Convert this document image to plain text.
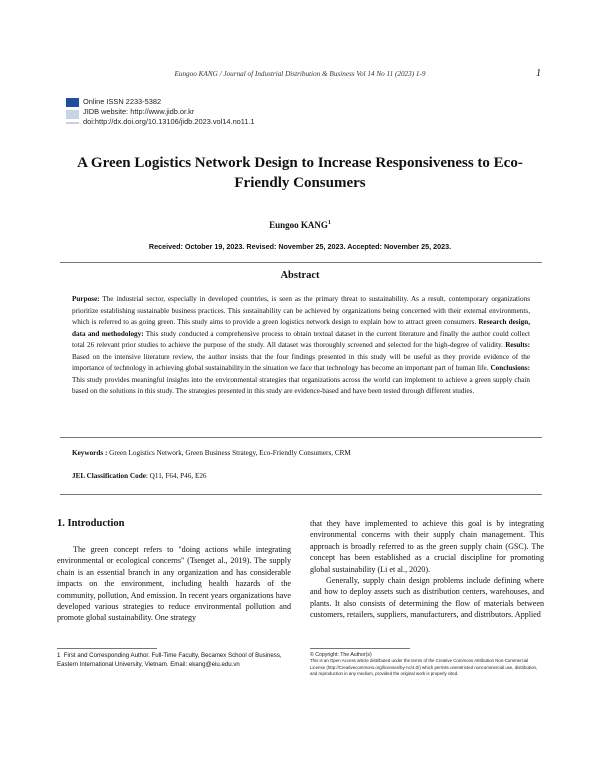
Eungoo KANG / Journal of Industrial Distribution & Business Vol 14 No 11 (2023) 1-9	1
Online ISSN 2233-5382
JIDB website: http://www.jidb.or.kr
doi:http://dx.doi.org/10.13106/jidb.2023.vol14.no11.1
A Green Logistics Network Design to Increase Responsiveness to Eco-
Friendly Consumers
Eungoo KANG$^1$
Received: October 19, 2023. Revised: November 25, 2023. Accepted: November 25, 2023.
Abstract
Purpose: The industrial sector, especially in developed countries, is seen as the primary threat to sustainability. As a result, contemporary organizations prioritize establishing sustainable business practices. This sustainability can be achieved by organizations being concerned with their external environments, which is referred to as going green. This study aims to provide a green logistics network design to explain how to attract green consumers. Research design, data and methodology: This study conducted a comprehensive process to obtain textual dataset in the current literature and finally the author could collect total 26 relevant prior studies to achieve the purpose of the study. All dataset was thoroughly screened and selected for the high-degree of validity. Results: Based on the intensive literature review, the author insists that the four findings presented in this study will be useful as they provide evidence of the importance of technology in achieving global sustainability.in the situation we face that technology has become an important part of human life. Conclusions: This study provides meaningful insights into the environmental strategies that organizations across the world can implement to achieve a green supply chain based on the solutions in this study. The strategies presented in this study are evidence-based and have been tested through different studies.
Keywords : Green Logistics Network, Green Business Strategy, Eco-Friendly Consumers, CRM
JEL Classification Code: Q11, F64, P46, E26
1. Introduction

The green concept refers to "doing actions while integrating environmental or ecological concerns" (Tsenget al., 2019). The supply chain is an essential branch in any organization and has considerable impacts on the environment, including health hazards of the community, pollution, And emission. In recent years organizations have developed various strategies to reduce environmental pollution and promote global sustainability. One strategy

that they have implemented to achieve this goal is by integrating environmental concerns with their supply chain management. This approach is broadly referred to as the green supply chain (GSC). The concept has been established as a crucial discipline for promoting global sustainability (Li et al., 2020).

Generally, supply chain design problems include defining where and how to deploy assets such as distribution centers, warehouses, and plants. It also consists of determining the flow of materials between customers, retailers, suppliers, manufacturers, and distributors. Applied

1 First and Corresponding Author. Full-Time Faculty, Becamex School of Business, Eastern International University, Vietnam. Email: ekang@eiu.edu.vn
© Copyright: The Author(s)
This is an Open Access article distributed under the terms of the Creative Commons Attribution Non-Commercial License (http://Creativecommons.org/licenses/by-nc/4.0/) which permits unrestricted noncommercial use, distribution, and reproduction in any medium, provided the original work is properly cited.
